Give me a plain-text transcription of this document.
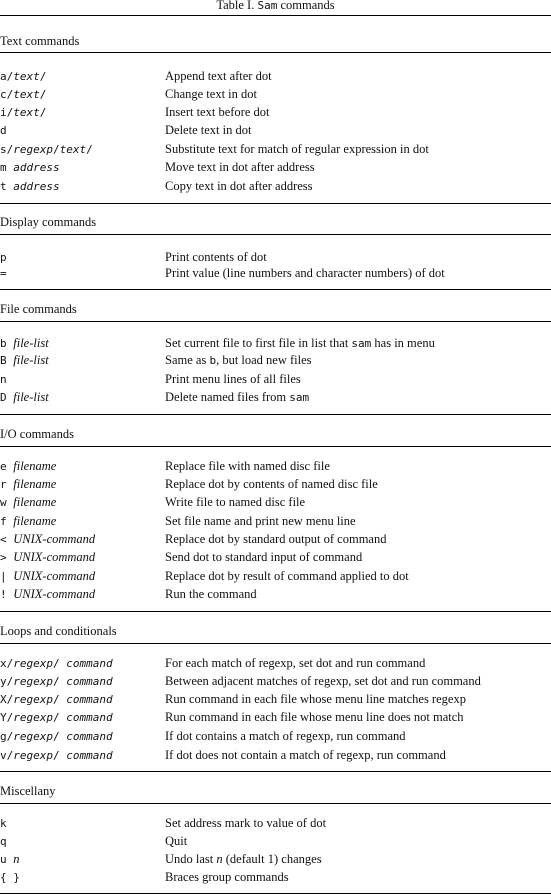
Table I. Sam commands
Text commands
a/text/	Append text after dot
c/text/	Change text in dot
i/text/	Insert text before dot
d	Delete text in dot
s/regexp/text/	Substitute text for match of regular expression in dot
m address	Move text in dot after address
t address	Copy text in dot after address
Display commands
p	Print contents of dot
=	Print value (line numbers and character numbers) of dot
File commands
b file-list	Set current file to first file in list that sam has in menu
B file-list	Same as b, but load new files
n	Print menu lines of all files
D file-list	Delete named files from sam
I/O commands
e filename	Replace file with named disc file
r filename	Replace dot by contents of named disc file
w filename	Write file to named disc file
f filename	Set file name and print new menu line
< UNIX-command	Replace dot by standard output of command
> UNIX-command	Send dot to standard input of command
| UNIX-command	Replace dot by result of command applied to dot
! UNIX-command	Run the command
Loops and conditionals
x/regexp/ command	For each match of regexp, set dot and run command
y/regexp/ command	Between adjacent matches of regexp, set dot and run command
X/regexp/ command	Run command in each file whose menu line matches regexp
Y/regexp/ command	Run command in each file whose menu line does not match
g/regexp/ command	If dot contains a match of regexp, run command
v/regexp/ command	If dot does not contain a match of regexp, run command
Miscellany
k	Set address mark to value of dot
q	Quit
u n	Undo last n (default 1) changes
{ }	Braces group commands
